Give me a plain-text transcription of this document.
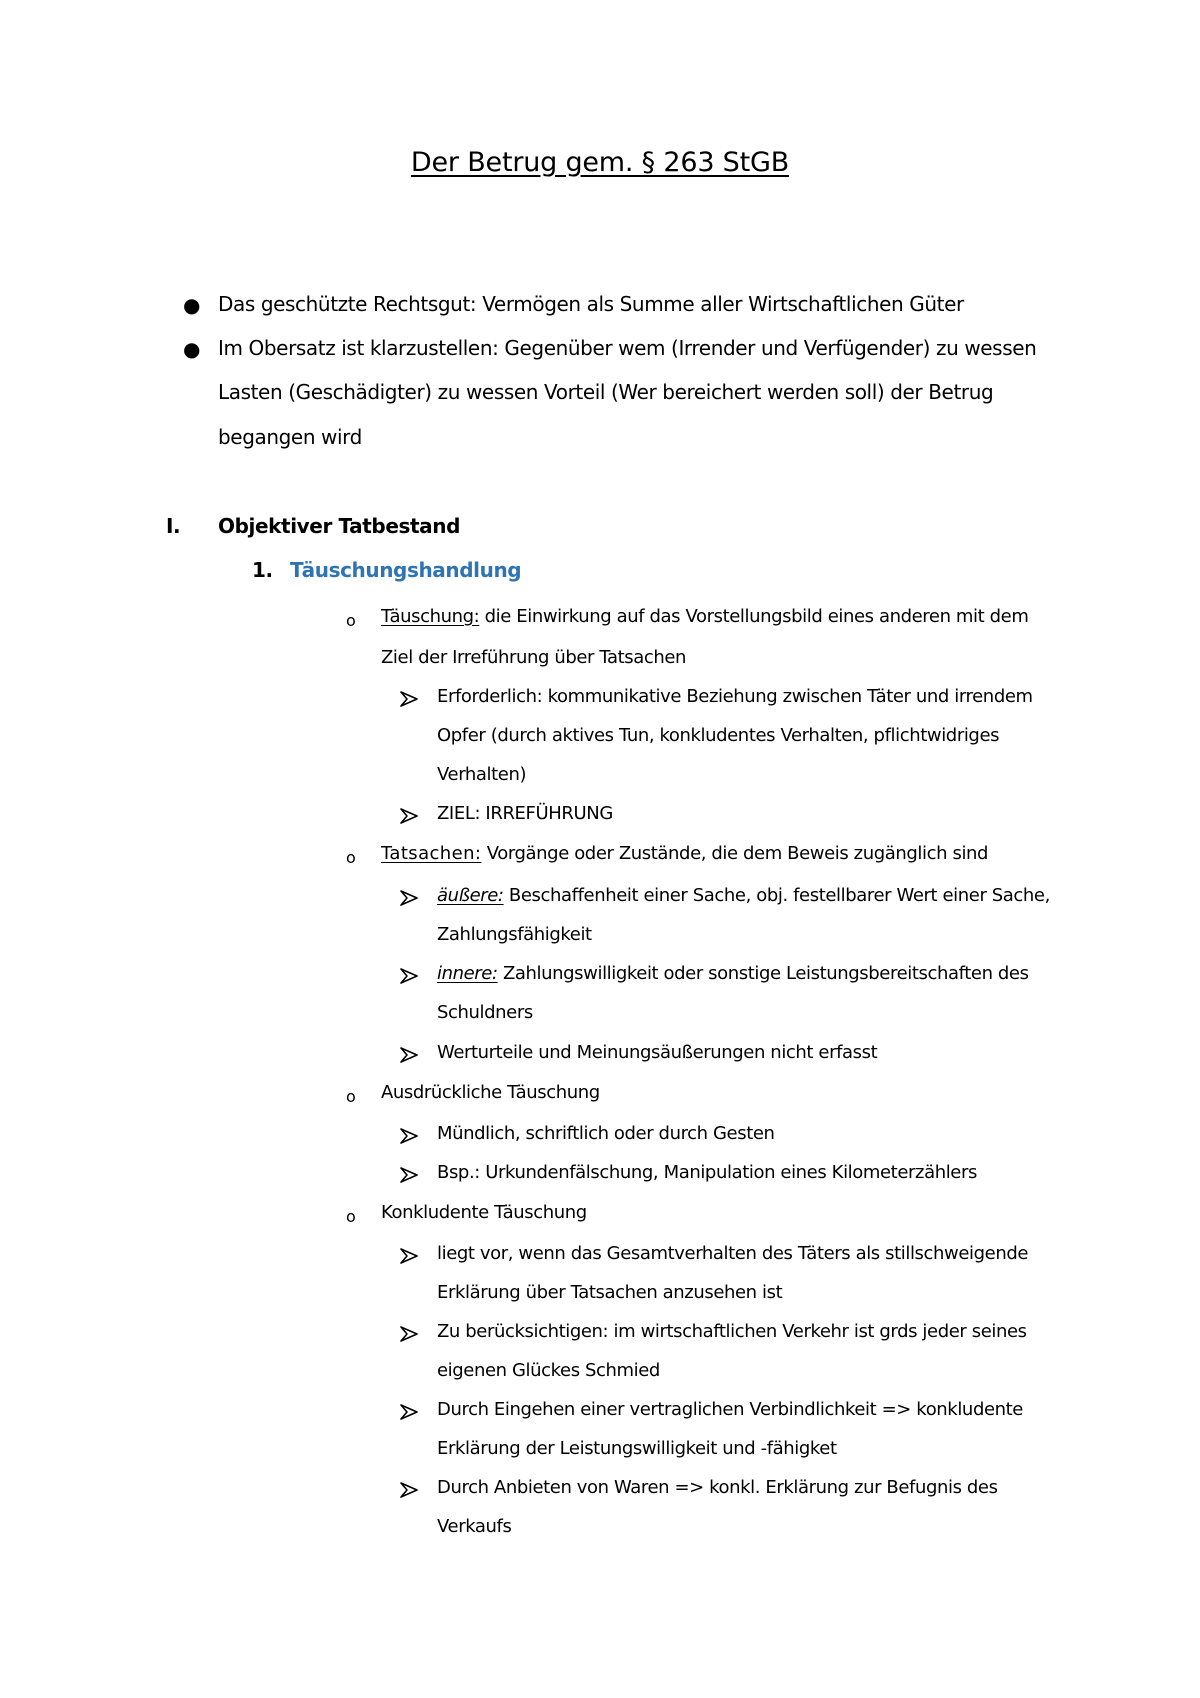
Der Betrug gem. § 263 StGB
● Das geschützte Rechtsgut: Vermögen als Summe aller Wirtschaftlichen Güter
● Im Obersatz ist klarzustellen: Gegenüber wem (Irrender und Verfügender) zu wessen
Lasten (Geschädigter) zu wessen Vorteil (Wer bereichert werden soll) der Betrug
begangen wird
I. Objektiver Tatbestand
1. Täuschungshandlung
o Täuschung: die Einwirkung auf das Vorstellungsbild eines anderen mit dem
Ziel der Irreführung über Tatsachen
Erforderlich: kommunikative Beziehung zwischen Täter und irrendem
Opfer (durch aktives Tun, konkludentes Verhalten, pflichtwidriges
Verhalten)
ZIEL: IRREFÜHRUNG
o Tatsachen: Vorgänge oder Zustände, die dem Beweis zugänglich sind
äußere: Beschaffenheit einer Sache, obj. festellbarer Wert einer Sache,
Zahlungsfähigkeit
innere: Zahlungswilligkeit oder sonstige Leistungsbereitschaften des
Schuldners
Werturteile und Meinungsäußerungen nicht erfasst
o Ausdrückliche Täuschung
Mündlich, schriftlich oder durch Gesten
Bsp.: Urkundenfälschung, Manipulation eines Kilometerzählers
o Konkludente Täuschung
liegt vor, wenn das Gesamtverhalten des Täters als stillschweigende
Erklärung über Tatsachen anzusehen ist
Zu berücksichtigen: im wirtschaftlichen Verkehr ist grds jeder seines
eigenen Glückes Schmied
Durch Eingehen einer vertraglichen Verbindlichkeit => konkludente
Erklärung der Leistungswilligkeit und -fähigket
Durch Anbieten von Waren => konkl. Erklärung zur Befugnis des
Verkaufs
